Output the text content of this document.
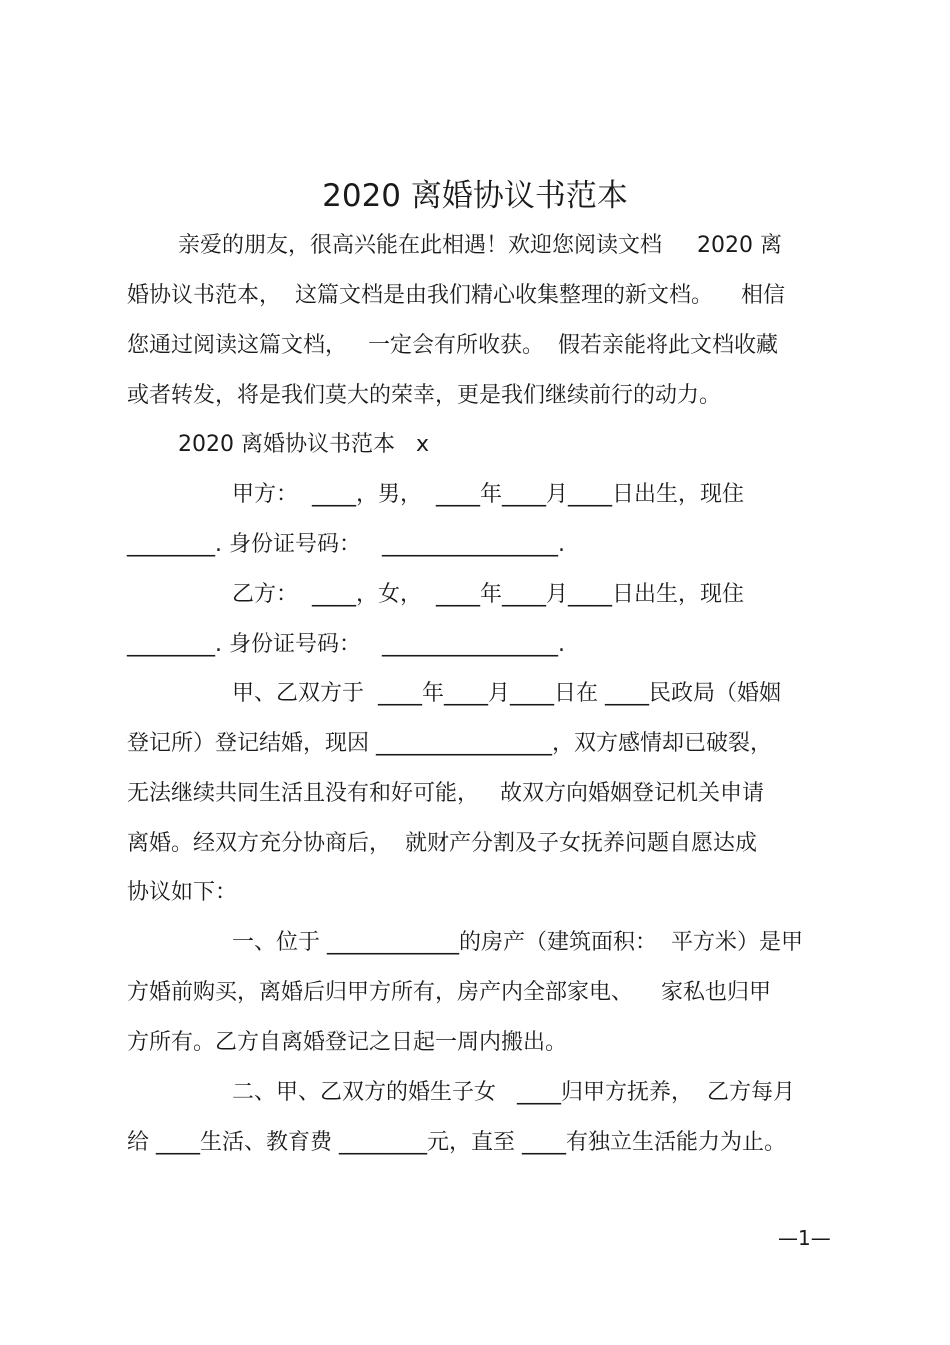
2020 离婚协议书范本
亲爱的朋友，很高兴能在此相遇！欢迎您阅读文档     2020 离
婚协议书范本，  这篇文档是由我们精心收集整理的新文档。    相信
您通过阅读这篇文档，   一定会有所收获。  假若亲能将此文档收藏
或者转发，将是我们莫大的荣幸，更是我们继续前行的动力。
2020 离婚协议书范本   x
甲方：  ____，男，  ____年____月____日出生，现住
________. 身份证号码：   ________________.
乙方：  ____，女，  ____年____月____日出生，现住
________. 身份证号码：   ________________.
甲、乙双方于  ____年____月____日在 ____民政局（婚姻
登记所）登记结婚，现因 ________________，双方感情却已破裂，
无法继续共同生活且没有和好可能，   故双方向婚姻登记机关申请
离婚。经双方充分协商后，  就财产分割及子女抚养问题自愿达成
协议如下：
一、位于 ____________的房产（建筑面积：  平方米）是甲
方婚前购买，离婚后归甲方所有，房产内全部家电、    家私也归甲
方所有。乙方自离婚登记之日起一周内搬出。
二、甲、乙双方的婚生子女   ____归甲方抚养，  乙方每月
给 ____生活、教育费 ________元，直至 ____有独立生活能力为止。
—1—
